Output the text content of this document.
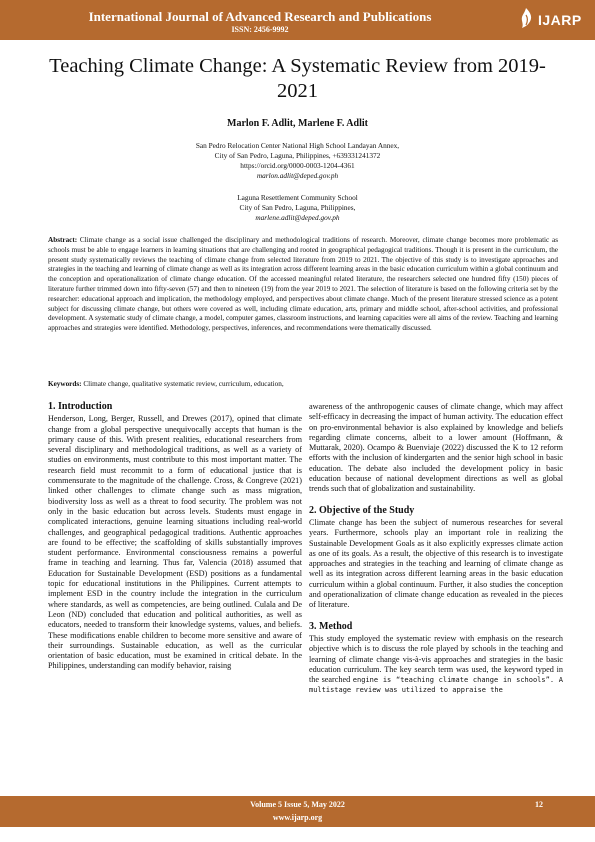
International Journal of Advanced Research and Publications
ISSN: 2456-9992
IJARP
Teaching Climate Change: A Systematic Review from 2019-2021
Marlon F. Adlit, Marlene F. Adlit
San Pedro Relocation Center National High School Landayan Annex,
City of San Pedro, Laguna, Philippines, +639331241372
https://orcid.org/0000-0003-1204-4361
marlon.adlit@deped.gov.ph
Laguna Resettlement Community School
City of San Pedro, Laguna, Philippines,
marlene.adlit@deped.gov.ph
Abstract: Climate change as a social issue challenged the disciplinary and methodological traditions of research. Moreover, climate change becomes more problematic as schools must be able to engage learners in learning situations that are challenging and rooted in geographical pedagogical traditions. Though it is present in the curriculum, the present study systematically reviews the teaching of climate change from selected literature from 2019 to 2021. The objective of this study is to investigate approaches and strategies in the teaching and learning of climate change as well as its integration across different learning areas in the basic education curriculum within a global continuum and the conception and operationalization of climate change education. Of the accessed meaningful related literature, the researchers selected one hundred fifty (150) pieces of literature further trimmed down into fifty-seven (57) and then to nineteen (19) from the year 2019 to 2021. The selection of literature is based on the following criteria set by the researcher: educational approach and implication, the methodology employed, and perspectives about climate change. Much of the present literature stressed science as a potent subject for discussing climate change, but others were covered as well, including climate education, arts, primary and middle school, after-school activities, and professional development. A systematic study of climate change, a model, computer games, classroom instructions, and learning capacities were all aims of the review. Teaching and learning approaches and strategies were identified. Methodology, perspectives, inferences, and recommendations were thematically discussed.
Keywords: Climate change, qualitative systematic review, curriculum, education,
1. Introduction

Henderson, Long, Berger, Russell, and Drewes (2017), opined that climate change from a global perspective unequivocally accepts that human is the primary cause of this. With present realities, educational researchers from several disciplinary and methodological traditions, as well as a variety of studies on environments, must contribute to this most important matter. The research field must recommit to a form of educational justice that is commensurate to the magnitude of the challenge. Cross, & Congreve (2021) linked other challenges to climate change such as mass migration, biodiversity loss as well as a threat to food security. The problem was not only in the basic education but across levels. Students must engage in complicated interactions, genuine learning situations including real-world challenges, and geographical pedagogical traditions. Authentic approaches are found to be effective; the scaffolding of skills substantially improves student performance. Environmental consciousness remains a powerful frame in teaching and learning. Thus far, Valencia (2018) assumed that Education for Sustainable Development (ESD) positions as a fundamental topic for educational institutions in the Philippines. Current attempts to implement ESD in the country include the integration in the curriculum where standards, as well as competencies, are being outlined. Culala and De Leon (ND) concluded that education and political authorities, as well as educators, needed to transform their knowledge systems, values, and beliefs. These modifications enable children to become more sensitive and aware of their surroundings. Sustainable education, as well as the curricular orientation of basic education, must be examined in critical debate. In the Philippines, understanding can modify behavior, raising

awareness of the anthropogenic causes of climate change, which may affect self-efficacy in decreasing the impact of human activity. The education effect on pro-environmental behavior is also explained by knowledge and beliefs regarding climate concerns, albeit to a lower amount (Hoffmann, & Muttarak, 2020). Ocampo & Buenviaje (2022) discussed the K to 12 reform efforts with the inclusion of kindergarten and the senior high school in basic education. The debate also included the development policy in basic education because of national development directions as well as global trends such that of globalization and sustainability.

2. Objective of the Study

Climate change has been the subject of numerous researches for several years. Furthermore, schools play an important role in realizing the Sustainable Development Goals as it also explicitly expresses climate action as one of its goals. As a result, the objective of this research is to investigate approaches and strategies in the teaching and learning of climate change as well as its integration across different learning areas in the basic education curriculum within a global continuum. Further, it also studies the conception and operationalization of climate change education as revealed in the pieces of literature.

3. Method

This study employed the systematic review with emphasis on the research objective which is to discuss the role played by schools in the teaching and learning of climate change vis-à-vis approaches and strategies in the basic education curriculum. The key search term was used, the keyword typed in the searched engine is “teaching climate change in schools”. A multistage review was utilized to appraise the

Volume 5 Issue 5, May 2022	12
www.ijarp.org
